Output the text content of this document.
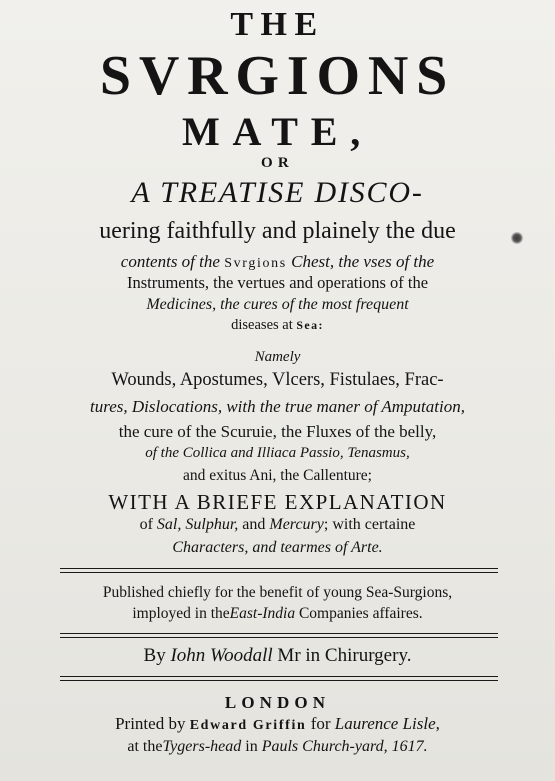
THE
SVRGIONS
MATE,
OR
A TREATISE DISCO-
uering faithfully and plainely the due
contents of the Svrgions Chest, the vses of the
Instruments, the vertues and operations of the
Medicines, the cures of the most frequent
diseases at Sea:
Namely
Wounds, Apostumes, Vlcers, Fistulaes, Frac-
tures, Dislocations, with the true maner of Amputation,
the cure of the Scuruie, the Fluxes of the belly,
of the Collica and Illiaca Passio, Tenasmus,
and exitus Ani, the Callenture;
WITH A BRIEFE EXPLANATION
of Sal, Sulphur, and Mercury; with certaine
Characters, and tearmes of Arte.
Published chiefly for the benefit of young Sea-Surgions,
imployed in theEast-India Companies affaires.
By Iohn Woodall Mr in Chirurgery.
LONDON
Printed by Edward Griffin for Laurence Lisle,
at theTygers-head in Pauls Church-yard, 1617.
